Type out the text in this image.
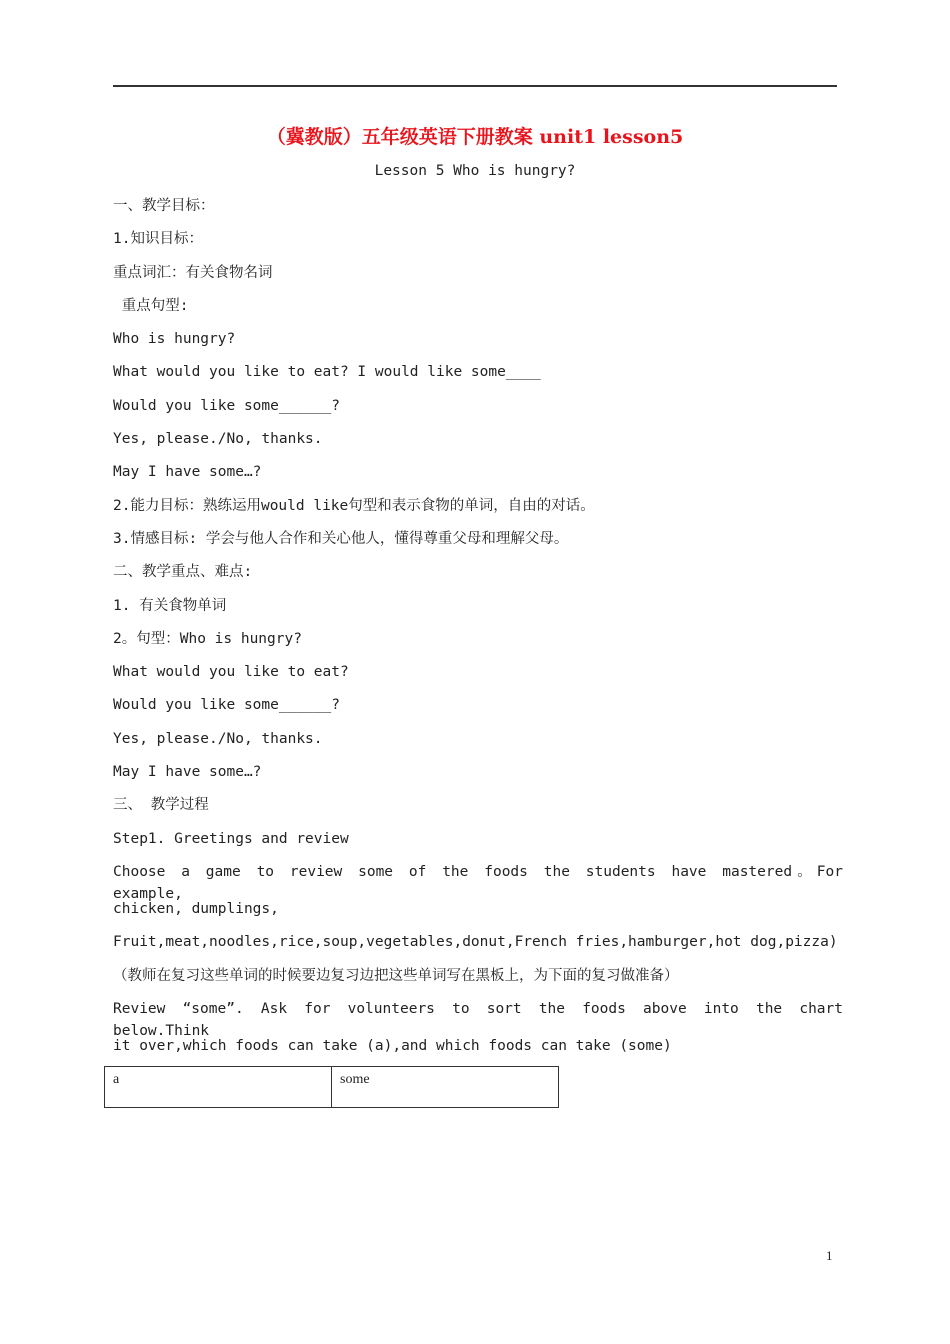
（冀教版）五年级英语下册教案 unit1 lesson5
Lesson 5 Who is hungry?
一、教学目标：
1.知识目标：
重点词汇：有关食物名词
重点句型:
Who is hungry?
What would you like to eat? I would like some____
Would you like some______?
Yes, please./No, thanks.
May I have some…?
2.能力目标：熟练运用would like句型和表示食物的单词，自由的对话。
3.情感目标: 学会与他人合作和关心他人，懂得尊重父母和理解父母。
二、教学重点、难点:
1. 有关食物单词
2。句型：Who is hungry?
What would you like to eat?
Would you like some______?
Yes, please./No, thanks.
May I have some…?
三、 教学过程
Step1. Greetings and review
Choose a game to review some of the foods the students have mastered。For example,
chicken, dumplings,
Fruit,meat,noodles,rice,soup,vegetables,donut,French fries,hamburger,hot dog,pizza)
（教师在复习这些单词的时候要边复习边把这些单词写在黑板上，为下面的复习做准备）
Review “some”. Ask for volunteers to sort the foods above into the chart below.Think
it over,which foods can take (a),and which foods can take (some)
a	some
1
